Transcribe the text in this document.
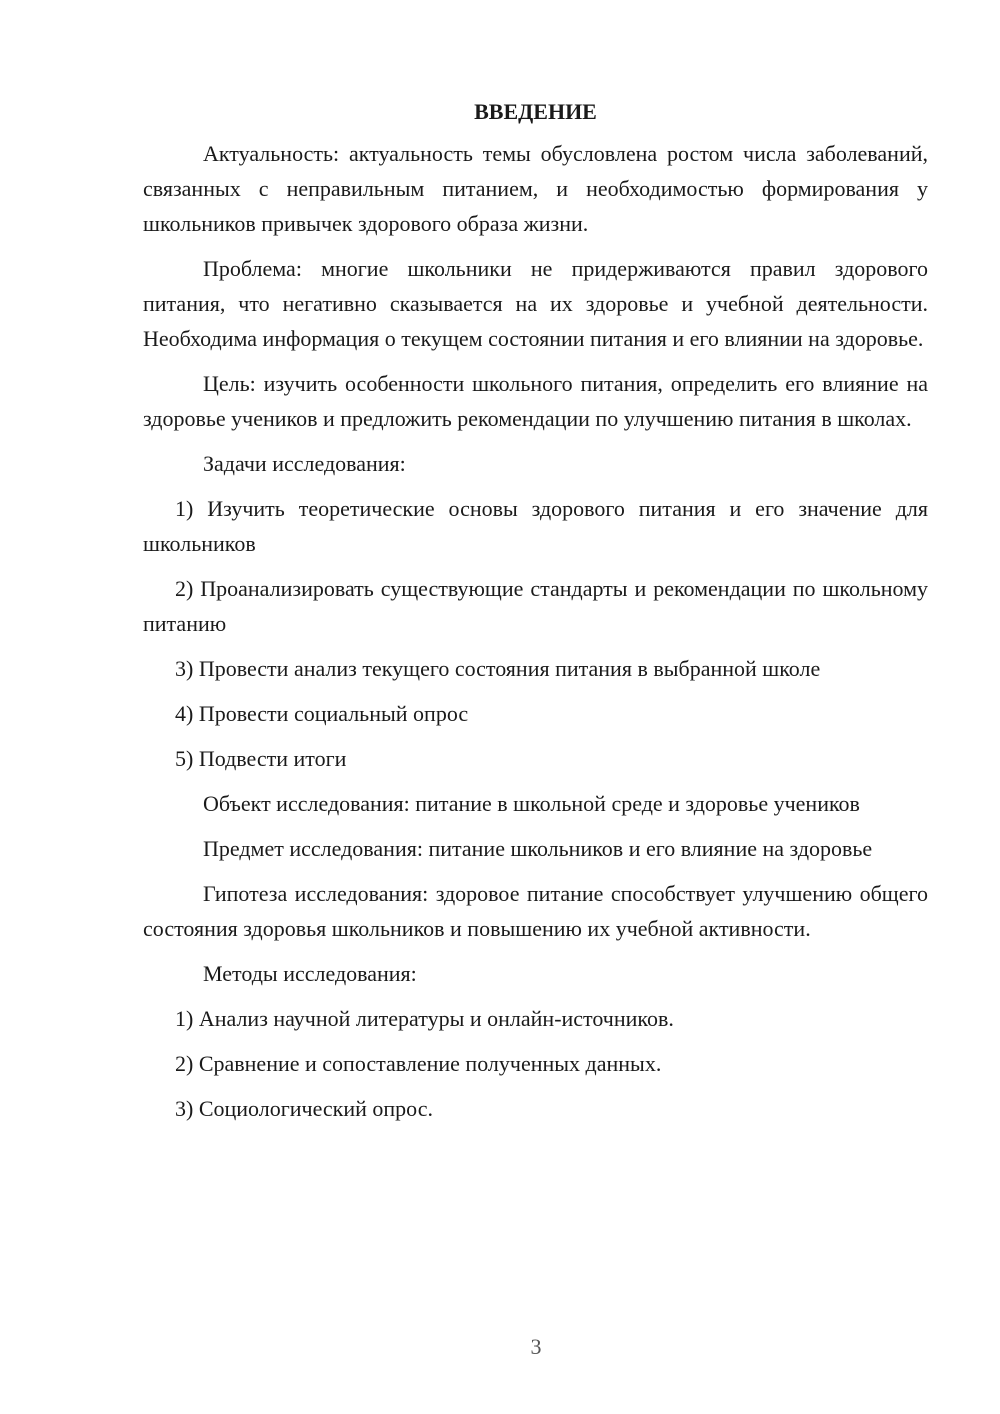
ВВЕДЕНИЕ

Актуальность: актуальность темы обусловлена ростом числа заболеваний, связанных с неправильным питанием, и необходимостью формирования у школьников привычек здорового образа жизни.

Проблема: многие школьники не придерживаются правил здорового питания, что негативно сказывается на их здоровье и учебной деятельности. Необходима информация о текущем состоянии питания и его влиянии на здоровье.

Цель: изучить особенности школьного питания, определить его влияние на здоровье учеников и предложить рекомендации по улучшению питания в школах.

Задачи исследования:

1) Изучить теоретические основы здорового питания и его значение для школьников

2) Проанализировать существующие стандарты и рекомендации по школьному питанию

3) Провести анализ текущего состояния питания в выбранной школе

4) Провести социальный опрос

5) Подвести итоги

Объект исследования: питание в школьной среде и здоровье учеников

Предмет исследования: питание школьников и его влияние на здоровье

Гипотеза исследования: здоровое питание способствует улучшению общего состояния здоровья школьников и повышению их учебной активности.

Методы исследования:

1) Анализ научной литературы и онлайн-источников.

2) Сравнение и сопоставление полученных данных.

3) Социологический опрос.

3
